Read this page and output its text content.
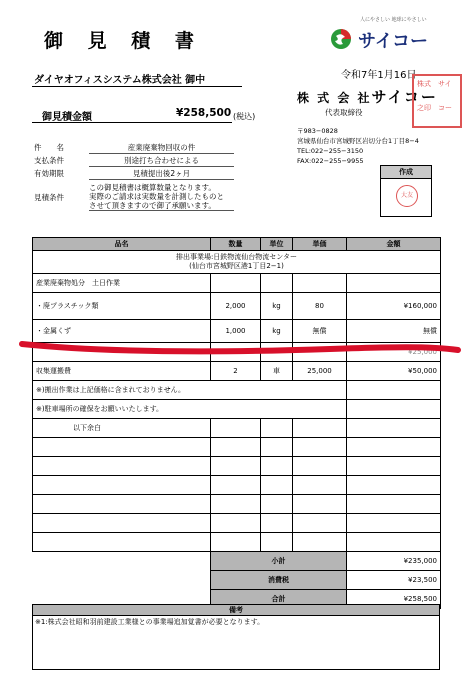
御 見 積 書
人にやさしい 地球にやさしい
サイコー
ダイヤオフィスシステム株式会社 御中
御見積金額	¥258,500 (税込)
令和7年1月16日
株 式 会 社サイコー
代表取締役
株式 サイ
之印 コー
〒983−0828
宮城県仙台市宮城野区岩切分台1丁目8−4
TEL:022−255−3150
FAX:022−255−9955
件　　名	産業廃棄物回収の件
支払条件	別途打ち合わせによる
有効期限	見積提出後2ヶ月
見積条件
この御見積書は概算数量となります。
実際のご請求は実数量を計測したものと
させて頂きますので御了承願います。
作成
大友
品名	数量	単位	単価	金額

排出事業場:日鉄物流仙台物流センター
(仙台市宮城野区港1丁目2−1)				

産業廃棄物処分　土日作業				
・廃プラスチック類	2,000	kg	80	¥160,000
・金属くず	1,000	kg	無償	無償
				¥25,000
収集運搬費	2	車	25,000	¥50,000
※)搬出作業は上記価格に含まれておりません。				
※)駐車場所の確保をお願いいたします。				
以下余白				

	小計			¥235,000
	消費税			¥23,500
	合計			¥258,500
備考
※1:株式会社昭和羽前建設工業様との事業場追加覚書が必要となります。
